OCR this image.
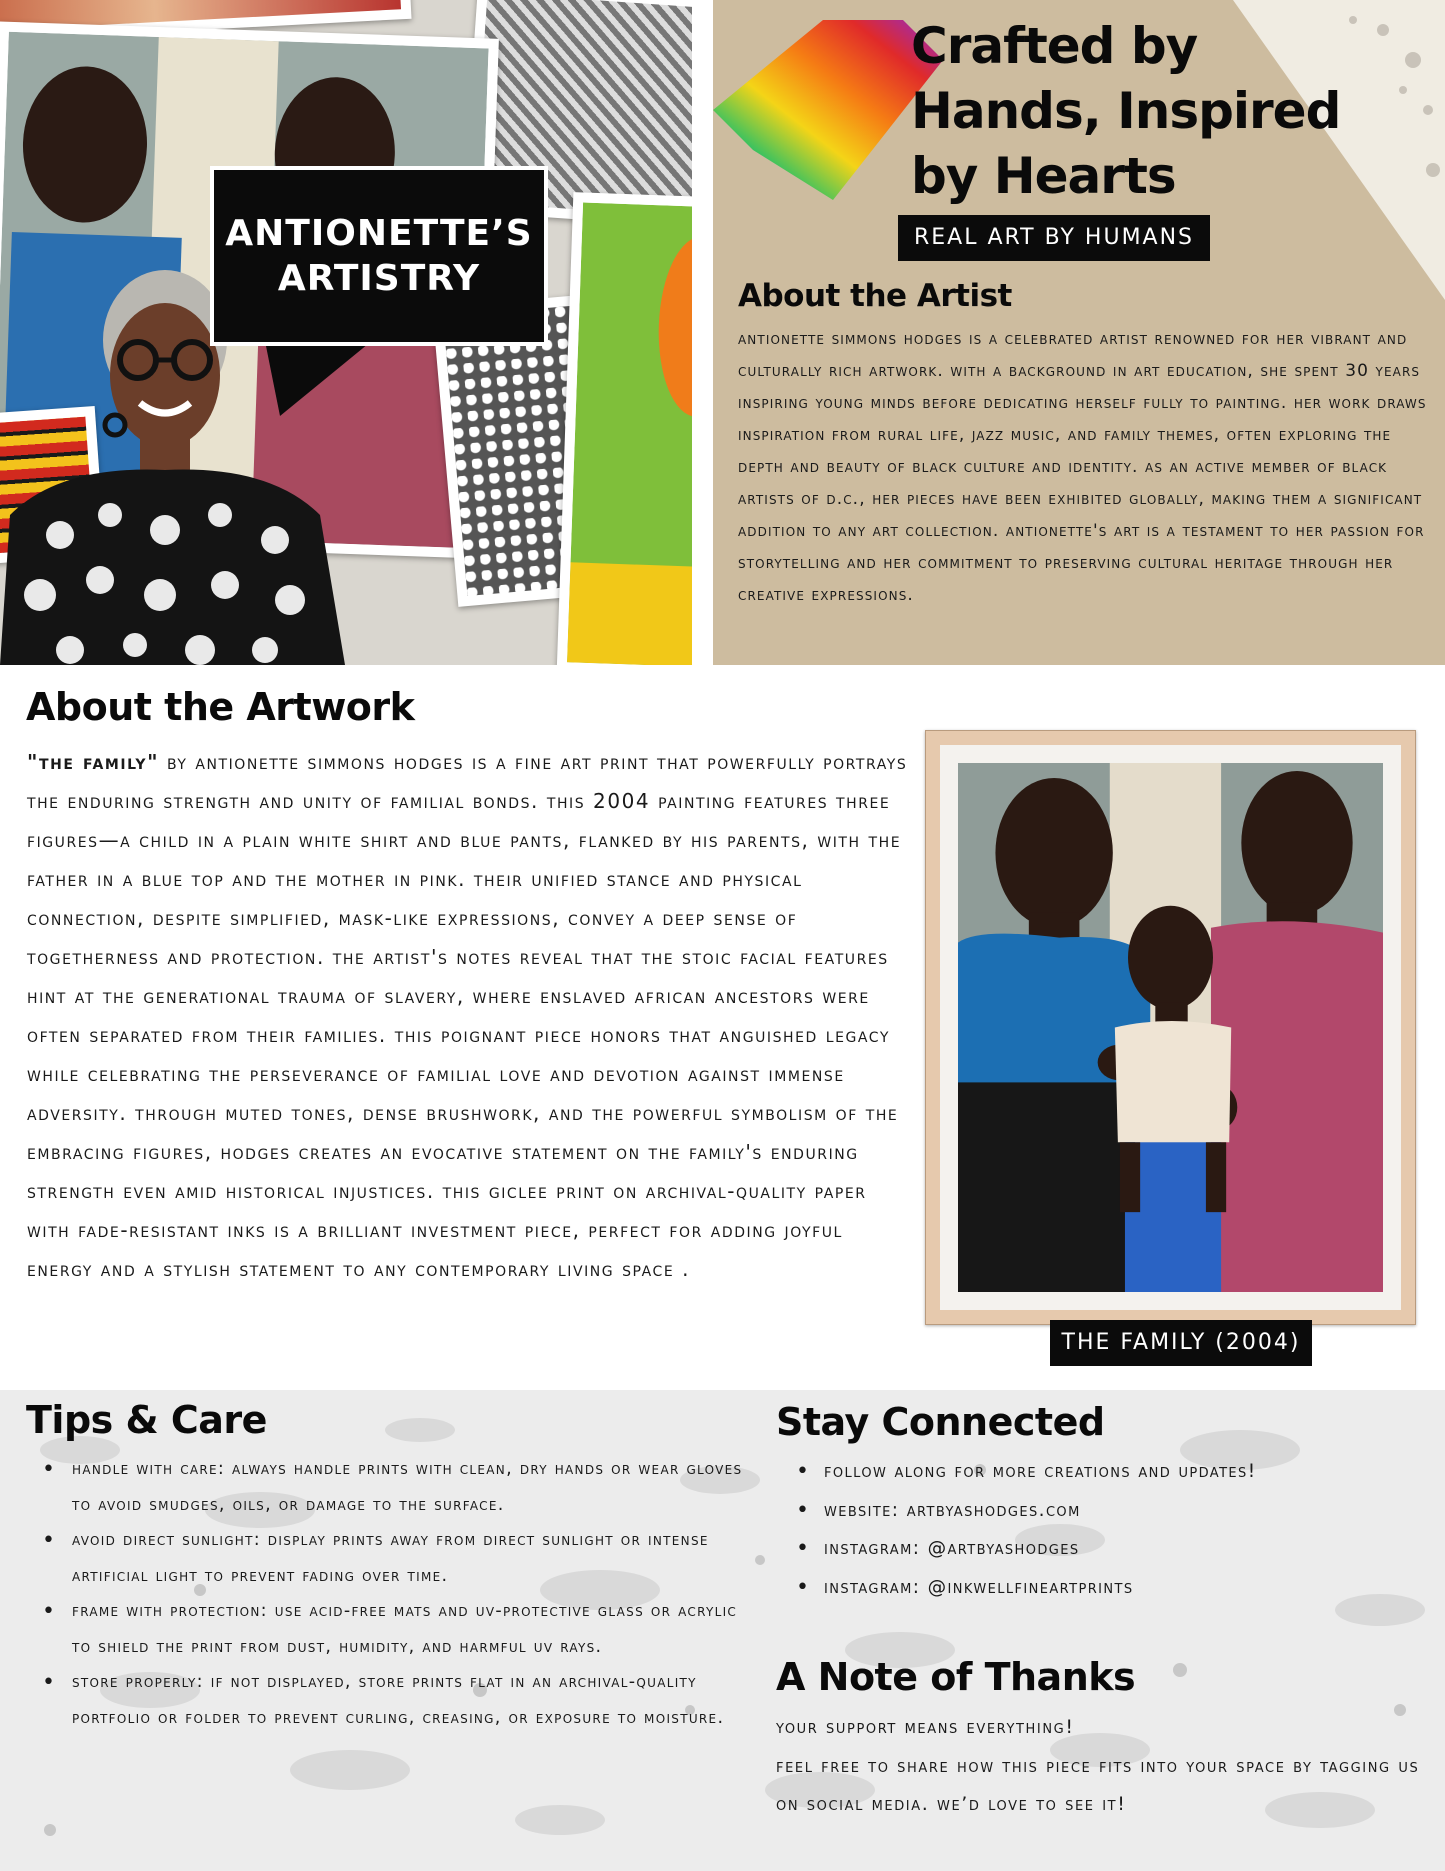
ANTIONETTE’S
ARTISTRY
Crafted by
Hands, Inspired
by Hearts
REAL ART BY HUMANS
About the Artist

antionette simmons hodges is a celebrated artist renowned for her vibrant and culturally rich artwork. with a background in art education, she spent 30 years inspiring young minds before dedicating herself fully to painting. her work draws inspiration from rural life, jazz music, and family themes, often exploring the depth and beauty of black culture and identity. as an active member of black artists of d.c., her pieces have been exhibited globally, making them a significant addition to any art collection. antionette's art is a testament to her passion for storytelling and her commitment to preserving cultural heritage through her creative expressions.

About the Artwork

"the family" by antionette simmons hodges is a fine art print that powerfully portrays the enduring strength and unity of familial bonds. this 2004 painting features three figures—a child in a plain white shirt and blue pants, flanked by his parents, with the father in a blue top and the mother in pink. their unified stance and physical connection, despite simplified, mask-like expressions, convey a deep sense of togetherness and protection. the artist's notes reveal that the stoic facial features hint at the generational trauma of slavery, where enslaved african ancestors were often separated from their families. this poignant piece honors that anguished legacy while celebrating the perseverance of familial love and devotion against immense adversity. through muted tones, dense brushwork, and the powerful symbolism of the embracing figures, hodges creates an evocative statement on the family's enduring strength even amid historical injustices. this giclee print on archival-quality paper with fade-resistant inks is a brilliant investment piece, perfect for adding joyful energy and a stylish statement to any contemporary living space .

THE FAMILY (2004)
Tips & Care
• handle with care: always handle prints with clean, dry hands or wear gloves to avoid smudges, oils, or damage to the surface.
• avoid direct sunlight: display prints away from direct sunlight or intense artificial light to prevent fading over time.
• frame with protection: use acid-free mats and uv-protective glass or acrylic to shield the print from dust, humidity, and harmful uv rays.
• store properly: if not displayed, store prints flat in an archival-quality portfolio or folder to prevent curling, creasing, or exposure to moisture.
Stay Connected
• follow along for more creations and updates!
• website: artbyashodges.com
• instagram: @artbyashodges
• instagram: @inkwellfineartprints
A Note of Thanks
your support means everything!
feel free to share how this piece fits into your space by tagging us on social media. we’d love to see it!
